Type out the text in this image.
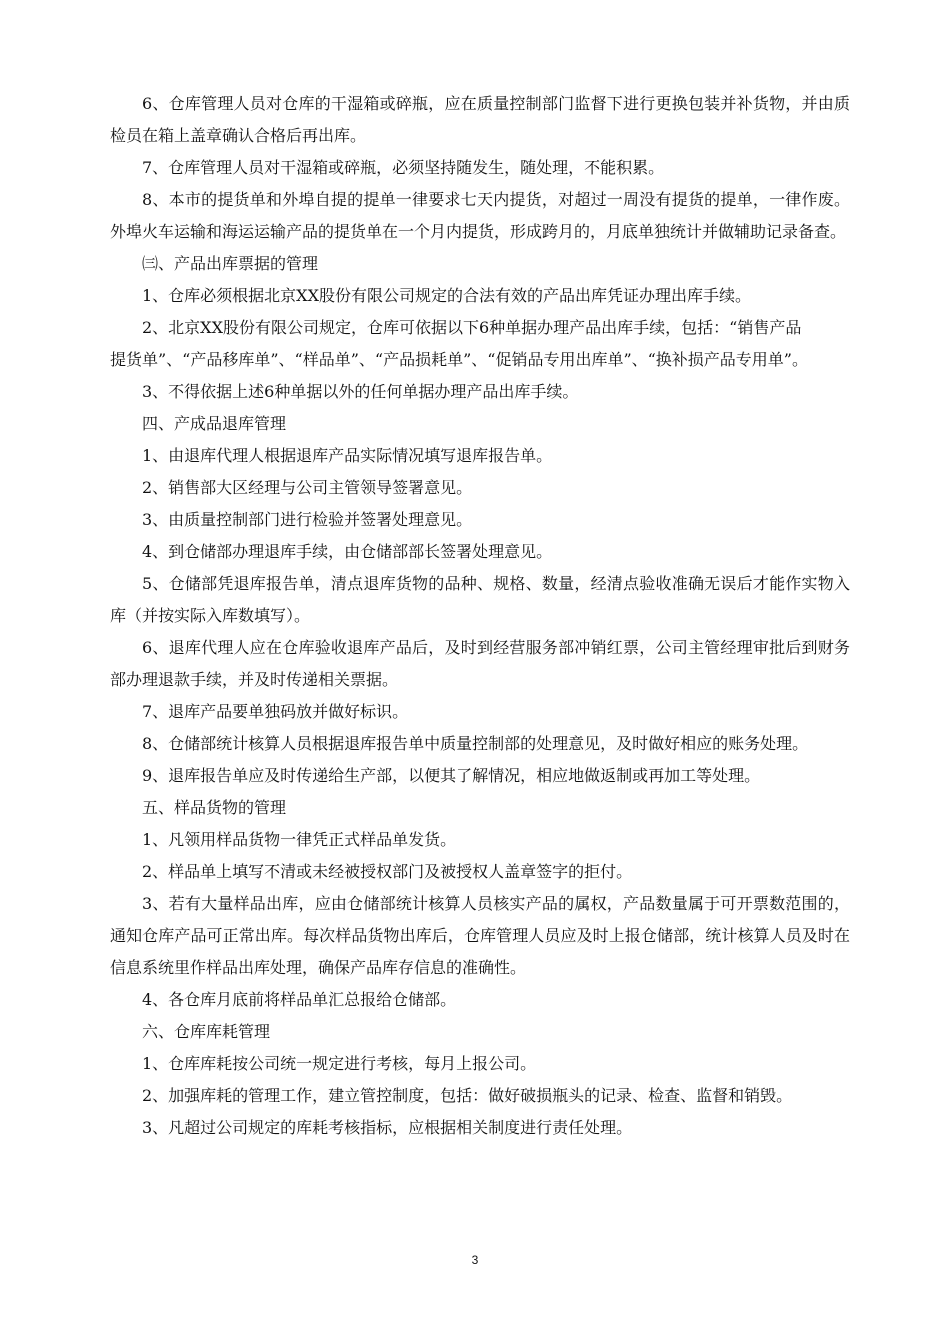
6、仓库管理人员对仓库的干湿箱或碎瓶，应在质量控制部门监督下进行更换包装并补货物，并由质检员在箱上盖章确认合格后再出库。

7、仓库管理人员对干湿箱或碎瓶，必须坚持随发生，随处理，不能积累。

8、本市的提货单和外埠自提的提单一律要求七天内提货，对超过一周没有提货的提单，一律作废。外埠火车运输和海运运输产品的提货单在一个月内提货，形成跨月的，月底单独统计并做辅助记录备查。

㈢、产品出库票据的管理

1、仓库必须根据北京XX股份有限公司规定的合法有效的产品出库凭证办理出库手续。

2、北京XX股份有限公司规定，仓库可依据以下6种单据办理产品出库手续，包括：“销售产品

提货单”、“产品移库单”、“样品单”、“产品损耗单”、“促销品专用出库单”、“换补损产品专用单”。

3、不得依据上述6种单据以外的任何单据办理产品出库手续。

四、产成品退库管理

1、由退库代理人根据退库产品实际情况填写退库报告单。

2、销售部大区经理与公司主管领导签署意见。

3、由质量控制部门进行检验并签署处理意见。

4、到仓储部办理退库手续，由仓储部部长签署处理意见。

5、仓储部凭退库报告单，清点退库货物的品种、规格、数量，经清点验收准确无误后才能作实物入库（并按实际入库数填写）。

6、退库代理人应在仓库验收退库产品后，及时到经营服务部冲销红票，公司主管经理审批后到财务部办理退款手续，并及时传递相关票据。

7、退库产品要单独码放并做好标识。

8、仓储部统计核算人员根据退库报告单中质量控制部的处理意见，及时做好相应的账务处理。

9、退库报告单应及时传递给生产部，以便其了解情况，相应地做返制或再加工等处理。

五、样品货物的管理

1、凡领用样品货物一律凭正式样品单发货。

2、样品单上填写不清或未经被授权部门及被授权人盖章签字的拒付。

3、若有大量样品出库，应由仓储部统计核算人员核实产品的属权，产品数量属于可开票数范围的，通知仓库产品可正常出库。每次样品货物出库后，仓库管理人员应及时上报仓储部，统计核算人员及时在信息系统里作样品出库处理，确保产品库存信息的准确性。

4、各仓库月底前将样品单汇总报给仓储部。

六、仓库库耗管理

1、仓库库耗按公司统一规定进行考核，每月上报公司。

2、加强库耗的管理工作，建立管控制度，包括：做好破损瓶头的记录、检查、监督和销毁。

3、凡超过公司规定的库耗考核指标，应根据相关制度进行责任处理。

3
